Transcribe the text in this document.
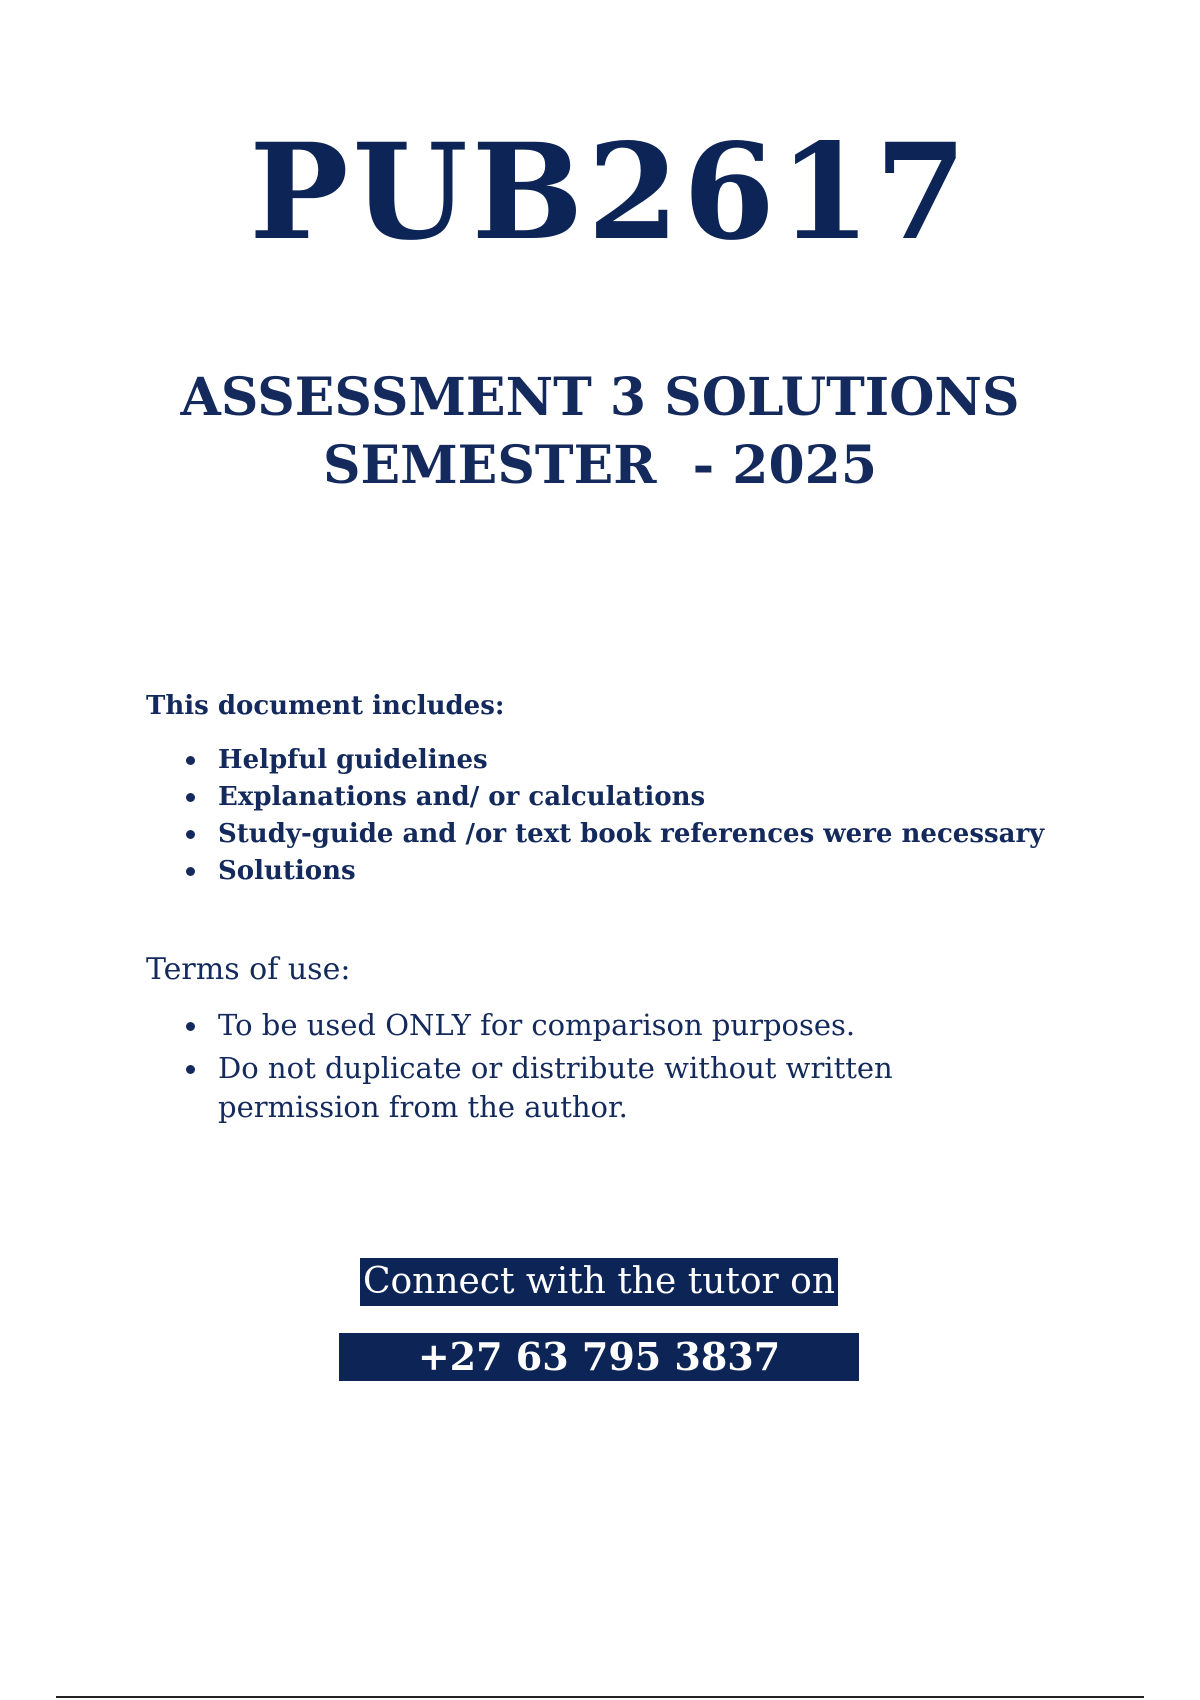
PUB2617
ASSESSMENT 3 SOLUTIONS
SEMESTER  - 2025

This document includes:

Helpful guidelines
Explanations and/ or calculations
Study-guide and /or text book references were necessary
Solutions

Terms of use:

To be used ONLY for comparison purposes.
Do not duplicate or distribute without written permission from the author.
Connect with the tutor on
+27 63 795 3837
